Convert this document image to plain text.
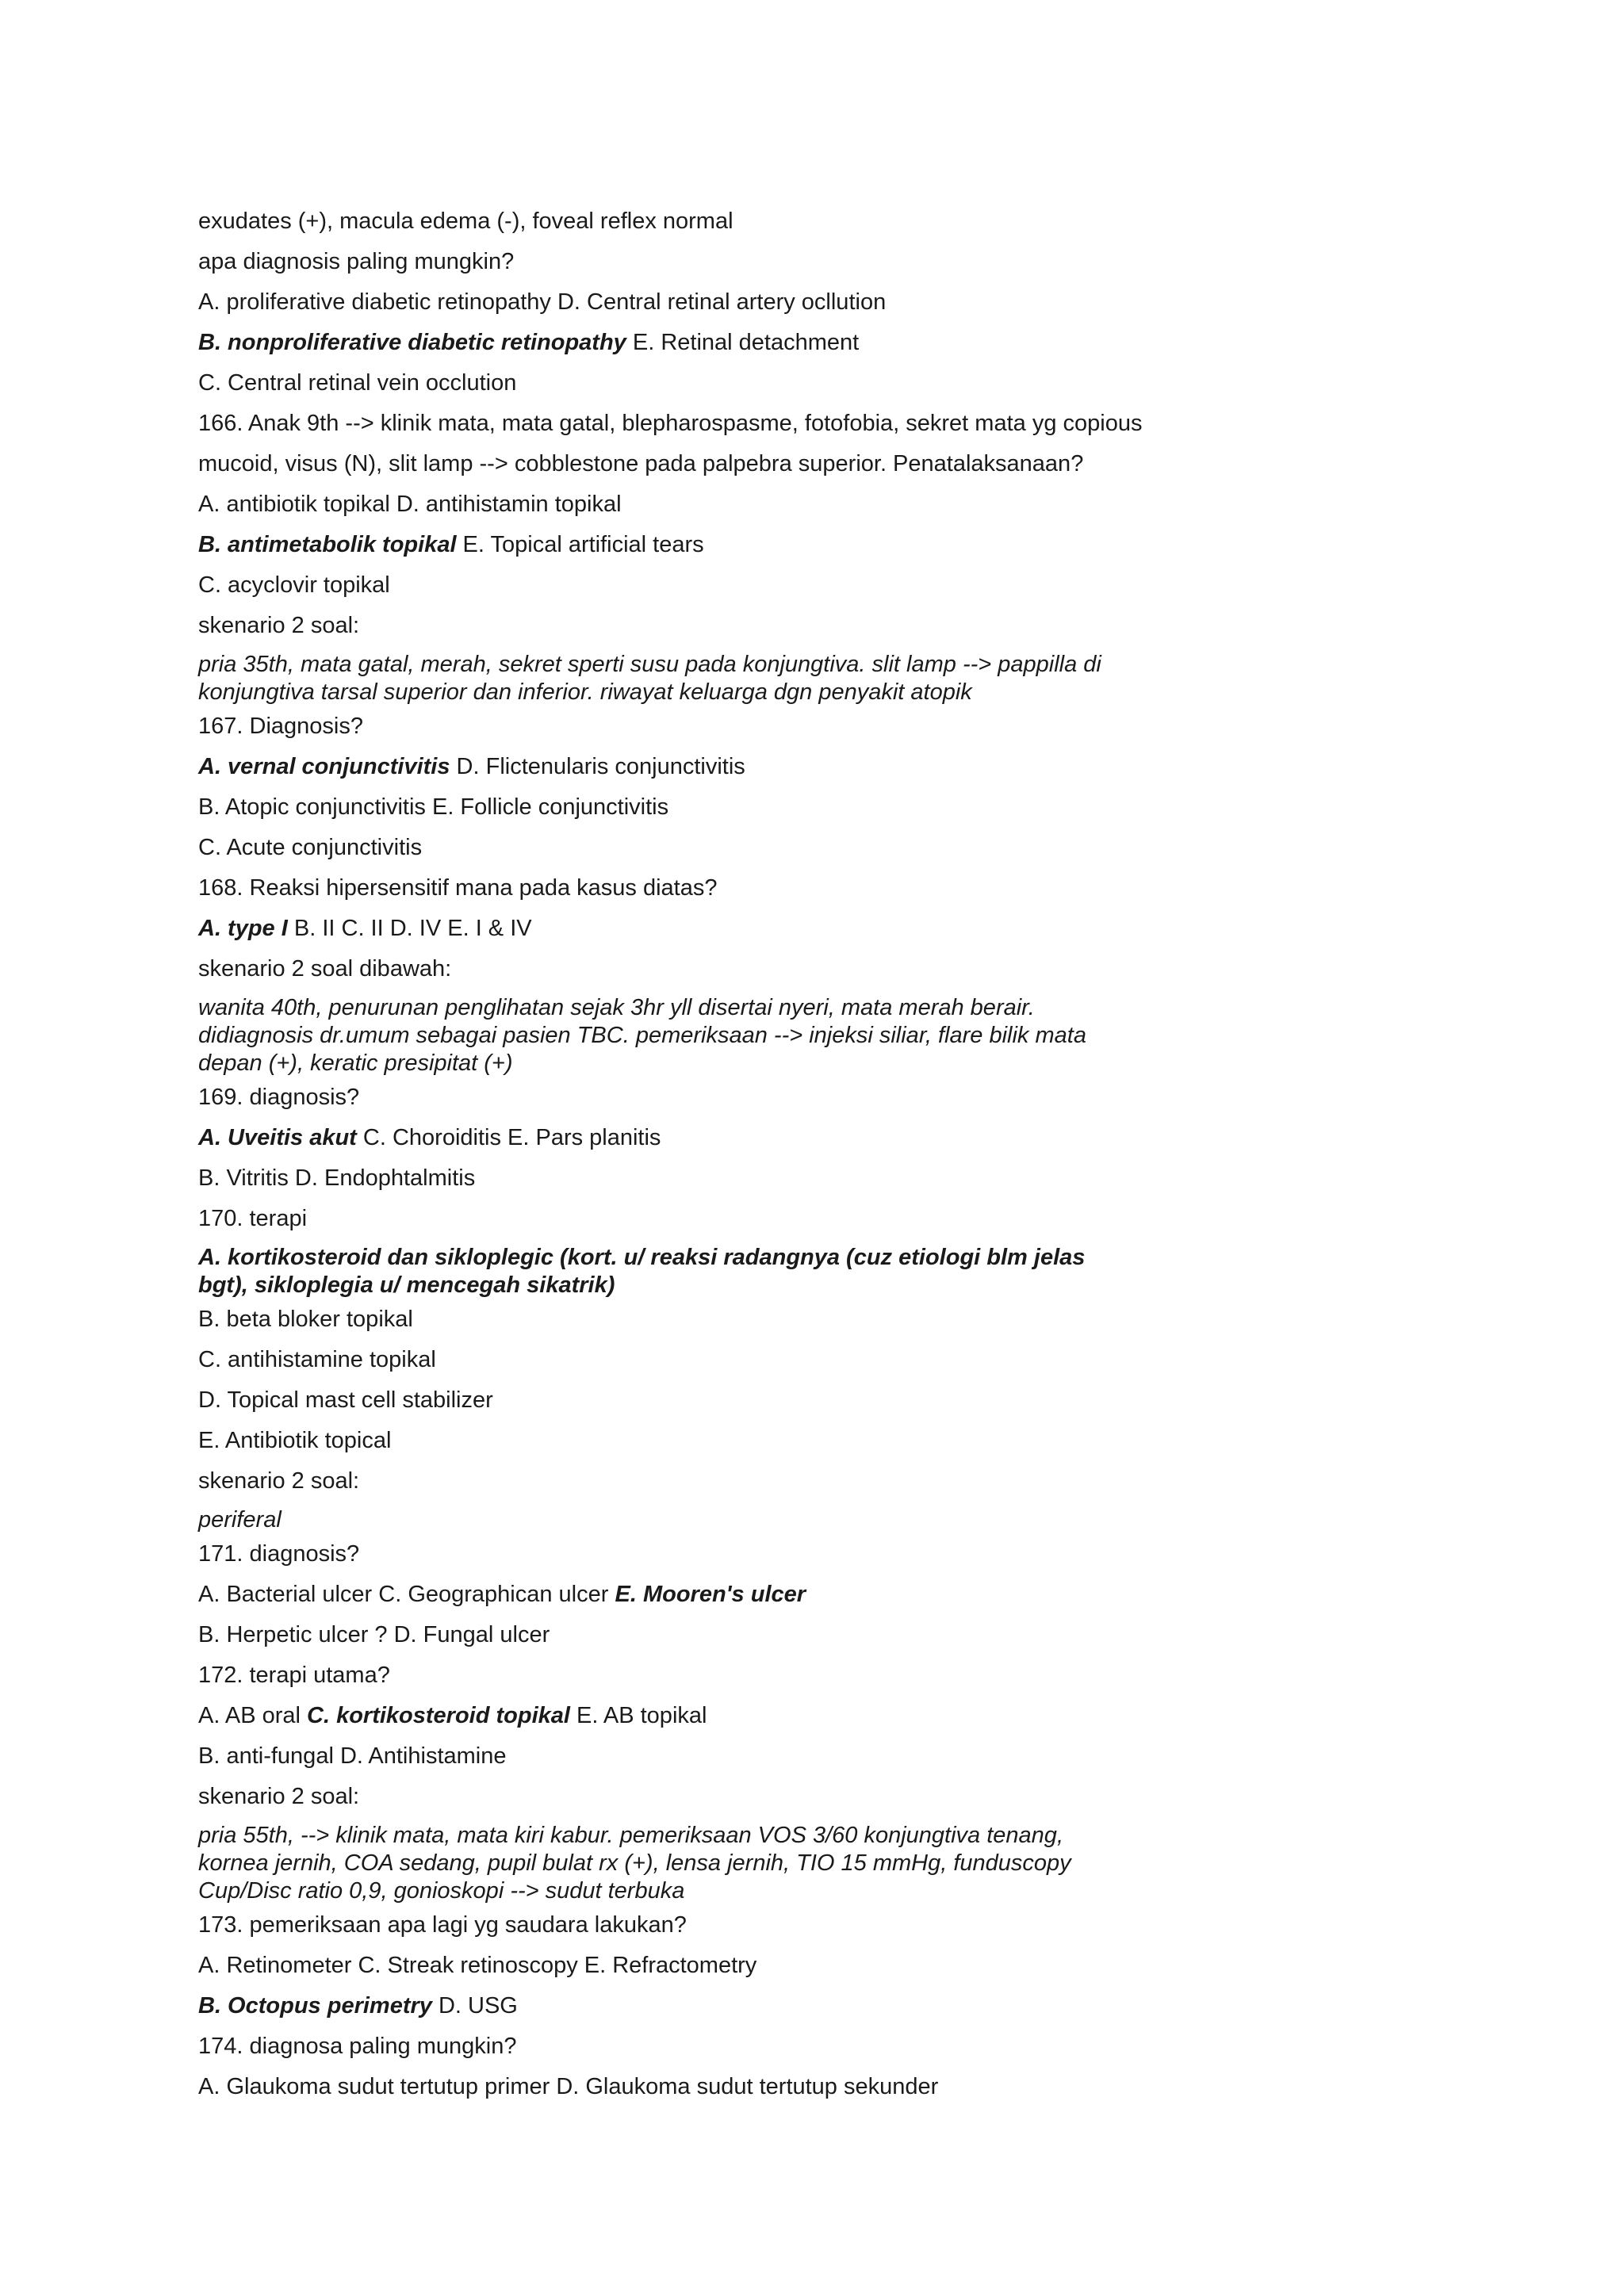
exudates (+), macula edema (-), foveal reflex normal
apa diagnosis paling mungkin?
A. proliferative diabetic retinopathy D. Central retinal artery ocllution
B. nonproliferative diabetic retinopathy E. Retinal detachment
C. Central retinal vein occlution
166. Anak 9th --> klinik mata, mata gatal, blepharospasme, fotofobia, sekret mata yg copious
mucoid, visus (N), slit lamp --> cobblestone pada palpebra superior. Penatalaksanaan?
A. antibiotik topikal D. antihistamin topikal
B. antimetabolik topikal E. Topical artificial tears
C. acyclovir topikal
skenario 2 soal:
pria 35th, mata gatal, merah, sekret sperti susu pada konjungtiva. slit lamp --> pappilla di
konjungtiva tarsal superior dan inferior. riwayat keluarga dgn penyakit atopik
167. Diagnosis?
A. vernal conjunctivitis D. Flictenularis conjunctivitis
B. Atopic conjunctivitis E. Follicle conjunctivitis
C. Acute conjunctivitis
168. Reaksi hipersensitif mana pada kasus diatas?
A. type I B. II C. II D. IV E. I & IV
skenario 2 soal dibawah:
wanita 40th, penurunan penglihatan sejak 3hr yll disertai nyeri, mata merah berair.
didiagnosis dr.umum sebagai pasien TBC. pemeriksaan --> injeksi siliar, flare bilik mata
depan (+), keratic presipitat (+)
169. diagnosis?
A. Uveitis akut C. Choroiditis E. Pars planitis
B. Vitritis D. Endophtalmitis
170. terapi
A. kortikosteroid dan sikloplegic (kort. u/ reaksi radangnya (cuz etiologi blm jelas
bgt), sikloplegia u/ mencegah sikatrik)
B. beta bloker topikal
C. antihistamine topikal
D. Topical mast cell stabilizer
E. Antibiotik topical
skenario 2 soal:
periferal
171. diagnosis?
A. Bacterial ulcer C. Geographican ulcer E. Mooren's ulcer
B. Herpetic ulcer ? D. Fungal ulcer
172. terapi utama?
A. AB oral C. kortikosteroid topikal E. AB topikal
B. anti-fungal D. Antihistamine
skenario 2 soal:
pria 55th, --> klinik mata, mata kiri kabur. pemeriksaan VOS 3/60 konjungtiva tenang,
kornea jernih, COA sedang, pupil bulat rx (+), lensa jernih, TIO 15 mmHg, funduscopy
Cup/Disc ratio 0,9, gonioskopi --> sudut terbuka
173. pemeriksaan apa lagi yg saudara lakukan?
A. Retinometer C. Streak retinoscopy E. Refractometry
B. Octopus perimetry D. USG
174. diagnosa paling mungkin?
A. Glaukoma sudut tertutup primer D. Glaukoma sudut tertutup sekunder
